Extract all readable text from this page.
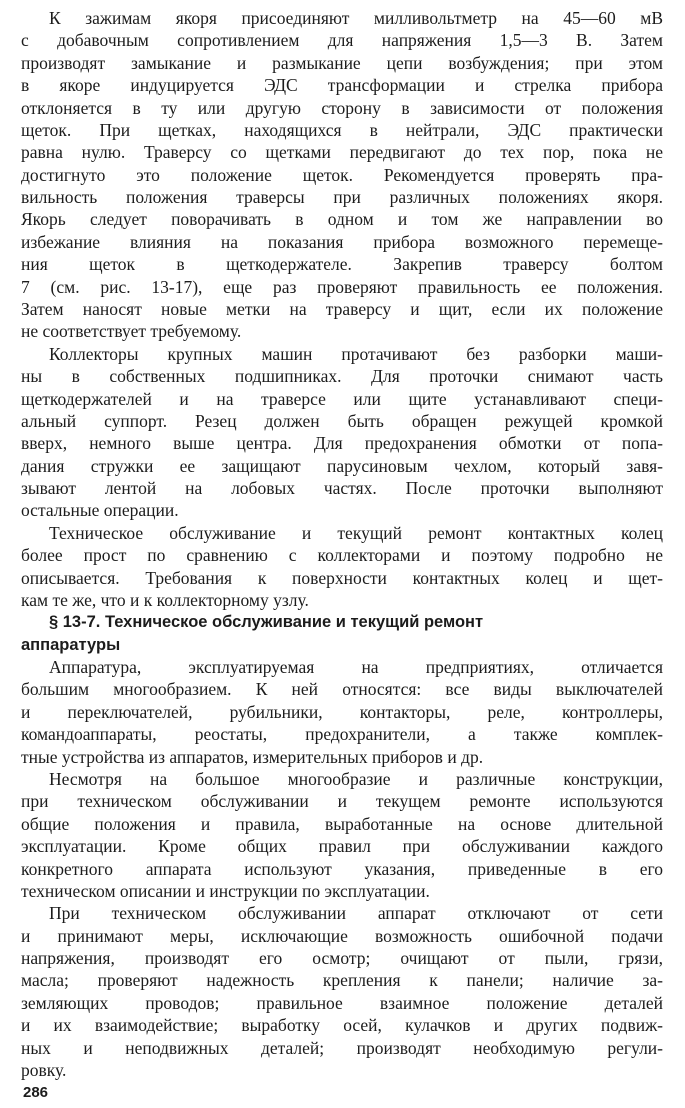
К зажимам якоря присоединяют милливольтметр на 45—60 мВ
с добавочным сопротивлением для напряжения 1,5—3 В. Затем
производят замыкание и размыкание цепи возбуждения; при этом
в якоре индуцируется ЭДС трансформации и стрелка прибора
отклоняется в ту или другую сторону в зависимости от положения
щеток. При щетках, находящихся в нейтрали, ЭДС практически
равна нулю. Траверсу со щетками передвигают до тех пор, пока не
достигнуто это положение щеток. Рекомендуется проверять пра-
вильность положения траверсы при различных положениях якоря.
Якорь следует поворачивать в одном и том же направлении во
избежание влияния на показания прибора возможного перемеще-
ния щеток в щеткодержателе. Закрепив траверсу болтом
7 (см. рис. 13-17), еще раз проверяют правильность ее положения.
Затем наносят новые метки на траверсу и щит, если их положение
не соответствует требуемому.
Коллекторы крупных машин протачивают без разборки маши-
ны в собственных подшипниках. Для проточки снимают часть
щеткодержателей и на траверсе или щите устанавливают специ-
альный суппорт. Резец должен быть обращен режущей кромкой
вверх, немного выше центра. Для предохранения обмотки от попа-
дания стружки ее защищают парусиновым чехлом, который завя-
зывают лентой на лобовых частях. После проточки выполняют
остальные операции.
Техническое обслуживание и текущий ремонт контактных колец
более прост по сравнению с коллекторами и поэтому подробно не
описывается. Требования к поверхности контактных колец и щет-
кам те же, что и к коллекторному узлу.
§ 13-7. Техническое обслуживание и текущий ремонт
аппаратуры
Аппаратура, эксплуатируемая на предприятиях, отличается
большим многообразием. К ней относятся: все виды выключателей
и переключателей, рубильники, контакторы, реле, контроллеры,
командоаппараты, реостаты, предохранители, а также комплек-
тные устройства из аппаратов, измерительных приборов и др.
Несмотря на большое многообразие и различные конструкции,
при техническом обслуживании и текущем ремонте используются
общие положения и правила, выработанные на основе длительной
эксплуатации. Кроме общих правил при обслуживании каждого
конкретного аппарата используют указания, приведенные в его
техническом описании и инструкции по эксплуатации.
При техническом обслуживании аппарат отключают от сети
и принимают меры, исключающие возможность ошибочной подачи
напряжения, производят его осмотр; очищают от пыли, грязи,
масла; проверяют надежность крепления к панели; наличие за-
земляющих проводов; правильное взаимное положение деталей
и их взаимодействие; выработку осей, кулачков и других подвиж-
ных и неподвижных деталей; производят необходимую регули-
ровку.
286
